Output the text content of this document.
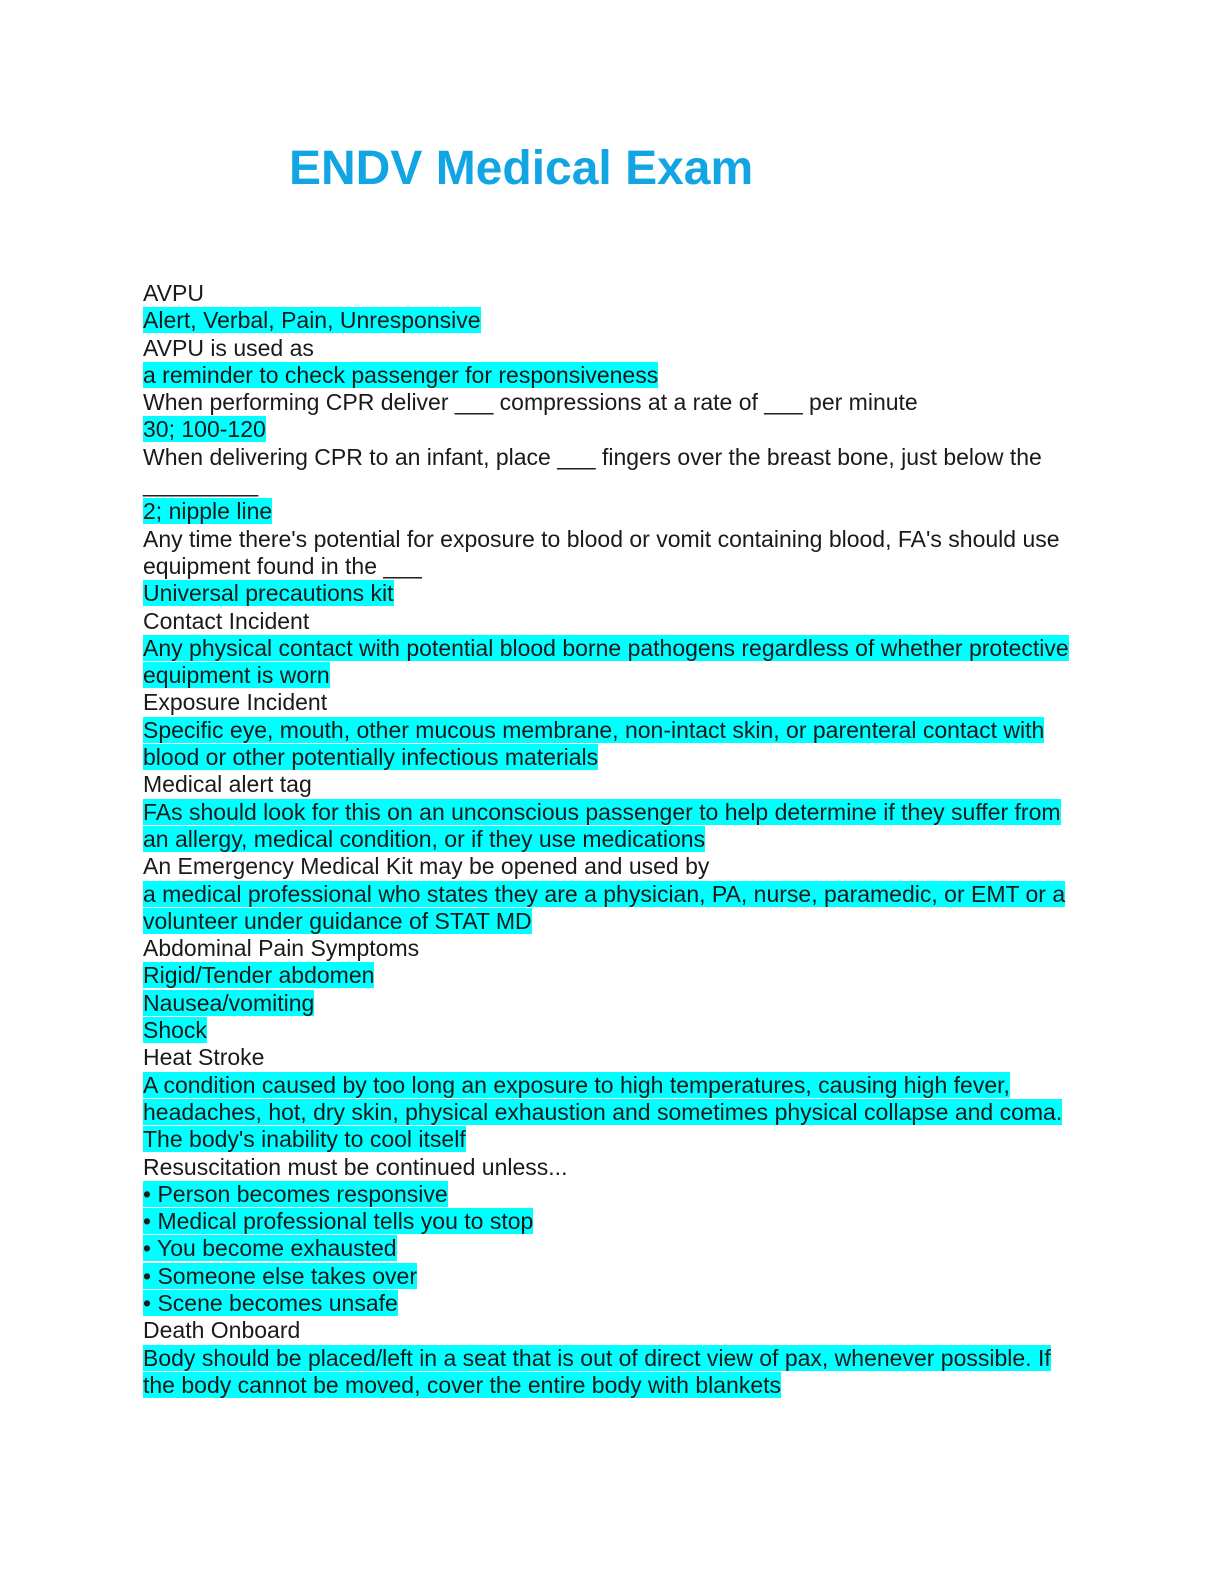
ENDV Medical Exam

AVPU

Alert, Verbal, Pain, Unresponsive

AVPU is used as

a reminder to check passenger for responsiveness

When performing CPR deliver ___ compressions at a rate of ___ per minute

30; 100-120

When delivering CPR to an infant, place ___ fingers over the breast bone, just below the _________

2; nipple line

Any time there's potential for exposure to blood or vomit containing blood, FA's should use equipment found in the ___

Universal precautions kit

Contact Incident

Any physical contact with potential blood borne pathogens regardless of whether protective equipment is worn

Exposure Incident

Specific eye, mouth, other mucous membrane, non-intact skin, or parenteral contact with blood or other potentially infectious materials

Medical alert tag

FAs should look for this on an unconscious passenger to help determine if they suffer from an allergy, medical condition, or if they use medications

An Emergency Medical Kit may be opened and used by

a medical professional who states they are a physician, PA, nurse, paramedic, or EMT or a volunteer under guidance of STAT MD

Abdominal Pain Symptoms

Rigid/Tender abdomen

Nausea/vomiting

Shock

Heat Stroke

A condition caused by too long an exposure to high temperatures, causing high fever, headaches, hot, dry skin, physical exhaustion and sometimes physical collapse and coma. The body's inability to cool itself

Resuscitation must be continued unless...

• Person becomes responsive

• Medical professional tells you to stop

• You become exhausted

• Someone else takes over

• Scene becomes unsafe

Death Onboard

Body should be placed/left in a seat that is out of direct view of pax, whenever possible. If the body cannot be moved, cover the entire body with blankets
